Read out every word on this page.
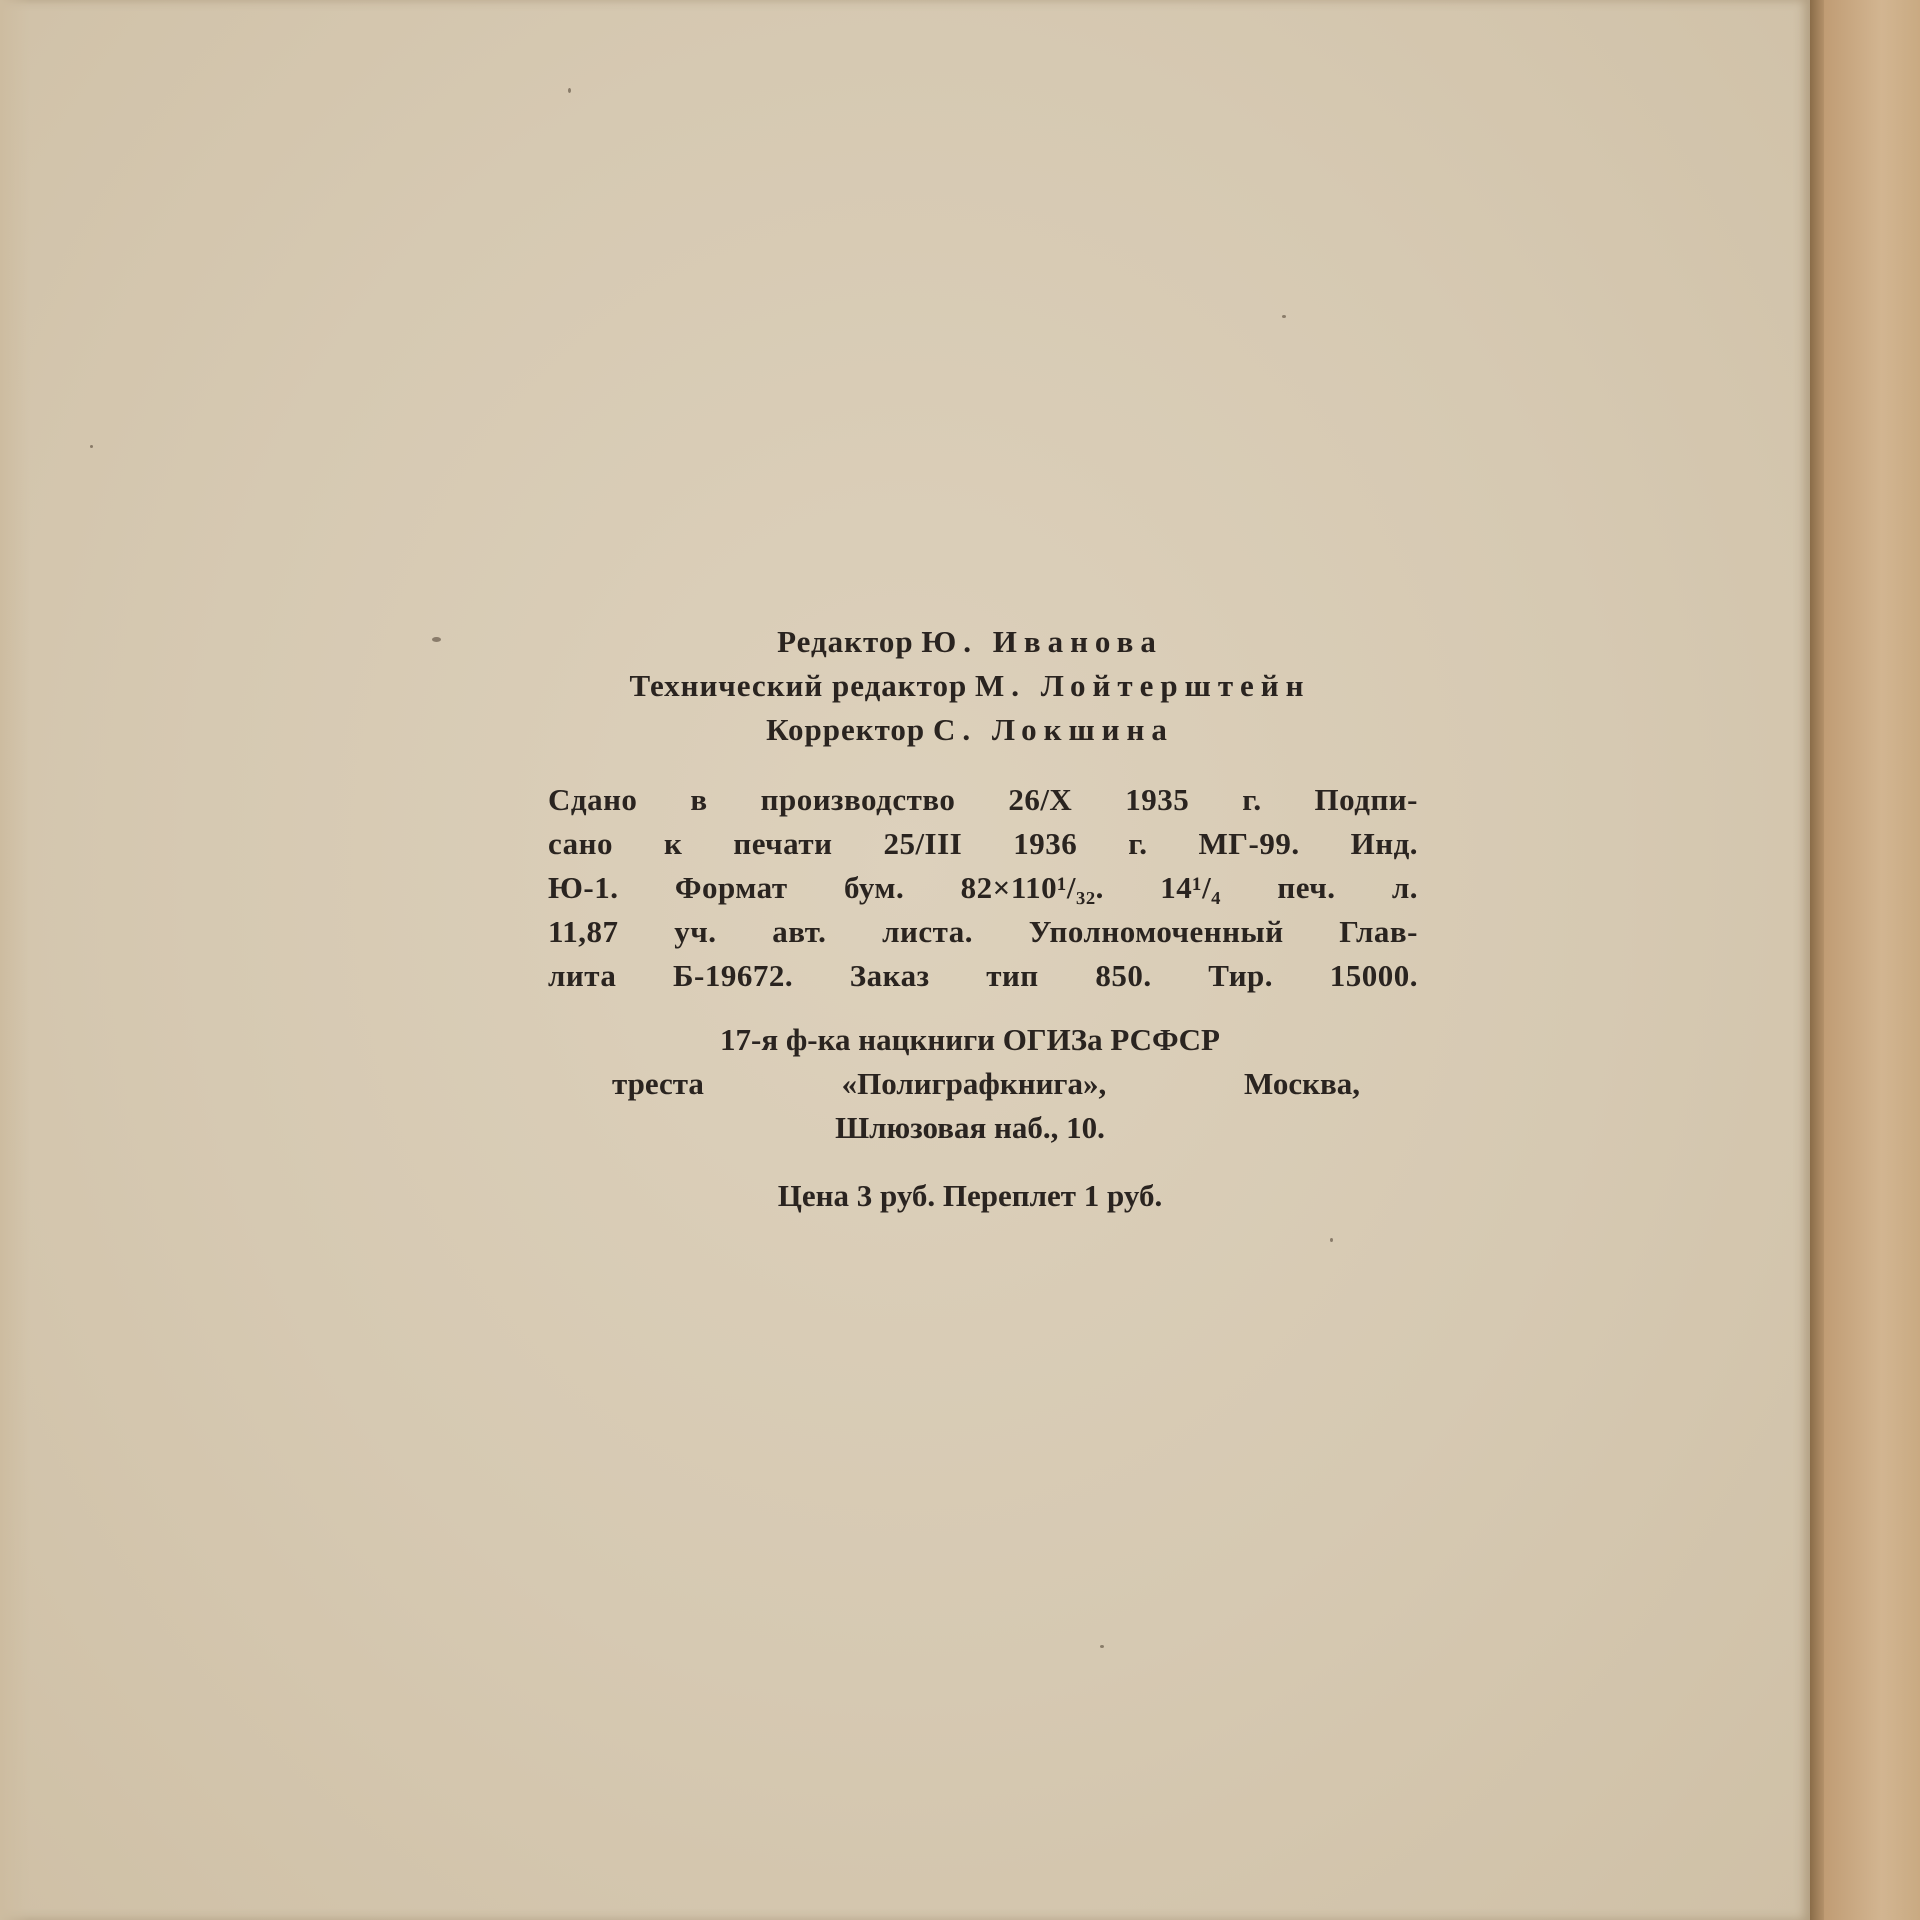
Редактор Ю. Иванова
Технический редактор М. Лойтерштейн
Корректор С. Локшина
Сдано в производство 26/X 1935 г. Подпи-
сано к печати 25/III 1936 г. МГ-99. Инд.
Ю-1. Формат бум. 82×110¹/₃₂. 14¹/₄ печ. л.
11,87 уч. авт. листа. Уполномоченный Глав-
лита Б-19672. Заказ тип 850. Тир. 15000.
17-я ф-ка нацкниги ОГИЗа РСФСР
треста «Полиграфкнига», Москва,
Шлюзовая наб., 10.
Цена 3 руб. Переплет 1 руб.
